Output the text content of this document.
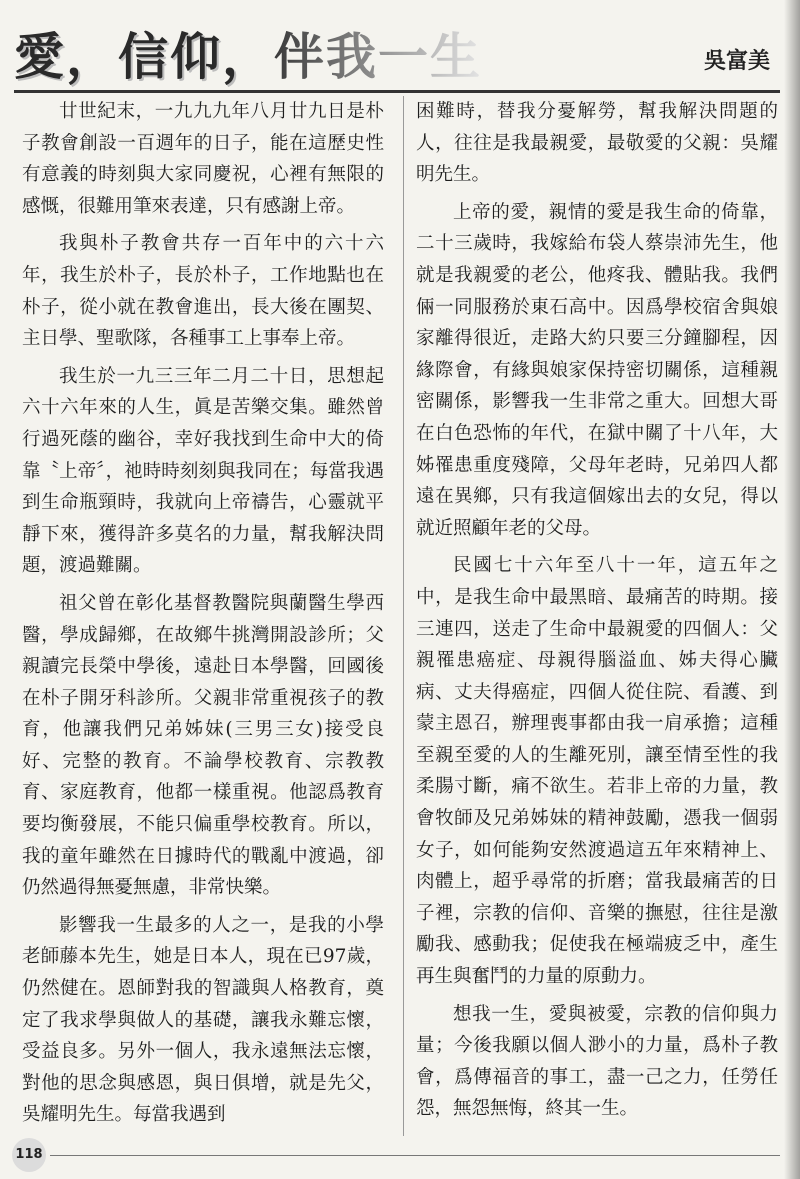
愛，信仰，伴我一生	吳富美

廿世紀末，一九九九年八月廿九日是朴子教會創設一百週年的日子，能在這歷史性有意義的時刻與大家同慶祝，心裡有無限的感慨，很難用筆來表達，只有感謝上帝。

我與朴子教會共存一百年中的六十六年，我生於朴子，長於朴子，工作地點也在朴子，從小就在教會進出，長大後在團契、主日學、聖歌隊，各種事工上事奉上帝。

我生於一九三三年二月二十日，思想起六十六年來的人生，眞是苦樂交集。雖然曾行過死蔭的幽谷，幸好我找到生命中大的倚靠〝上帝〞，祂時時刻刻與我同在；每當我遇到生命瓶頸時，我就向上帝禱告，心靈就平靜下來，獲得許多莫名的力量，幫我解決問題，渡過難關。

祖父曾在彰化基督教醫院與蘭醫生學西醫，學成歸鄉，在故鄉牛挑灣開設診所；父親讀完長榮中學後，遠赴日本學醫，回國後在朴子開牙科診所。父親非常重視孩子的教育，他讓我們兄弟姊妹(三男三女)接受良好、完整的教育。不論學校教育、宗教教育、家庭教育，他都一樣重視。他認爲教育要均衡發展，不能只偏重學校教育。所以，我的童年雖然在日據時代的戰亂中渡過，卻仍然過得無憂無慮，非常快樂。

影響我一生最多的人之一，是我的小學老師藤本先生，她是日本人，現在已97歲，仍然健在。恩師對我的智識與人格教育，奠定了我求學與做人的基礎，讓我永難忘懷，受益良多。另外一個人，我永遠無法忘懷，對他的思念與感恩，與日俱增，就是先父，吳耀明先生。每當我遇到

困難時，替我分憂解勞，幫我解決問題的人，往往是我最親愛，最敬愛的父親：吳耀明先生。

上帝的愛，親情的愛是我生命的倚靠，二十三歲時，我嫁給布袋人蔡崇沛先生，他就是我親愛的老公，他疼我、體貼我。我們倆一同服務於東石高中。因爲學校宿舍與娘家離得很近，走路大約只要三分鐘腳程，因緣際會，有緣與娘家保持密切關係，這種親密關係，影響我一生非常之重大。回想大哥在白色恐怖的年代，在獄中關了十八年，大姊罹患重度殘障，父母年老時，兄弟四人都遠在異鄉，只有我這個嫁出去的女兒，得以就近照顧年老的父母。

民國七十六年至八十一年，這五年之中，是我生命中最黑暗、最痛苦的時期。接三連四，送走了生命中最親愛的四個人：父親罹患癌症、母親得腦溢血、姊夫得心臟病、丈夫得癌症，四個人從住院、看護、到蒙主恩召，辦理喪事都由我一肩承擔；這種至親至愛的人的生離死別，讓至情至性的我柔腸寸斷，痛不欲生。若非上帝的力量，教會牧師及兄弟姊妹的精神鼓勵，憑我一個弱女子，如何能夠安然渡過這五年來精神上、肉體上，超乎尋常的折磨；當我最痛苦的日子裡，宗教的信仰、音樂的撫慰，往往是激勵我、感動我；促使我在極端疲乏中，產生再生與奮鬥的力量的原動力。

想我一生，愛與被愛，宗教的信仰與力量；今後我願以個人渺小的力量，爲朴子教會，爲傳福音的事工，盡一己之力，任勞任怨，無怨無悔，終其一生。

118
